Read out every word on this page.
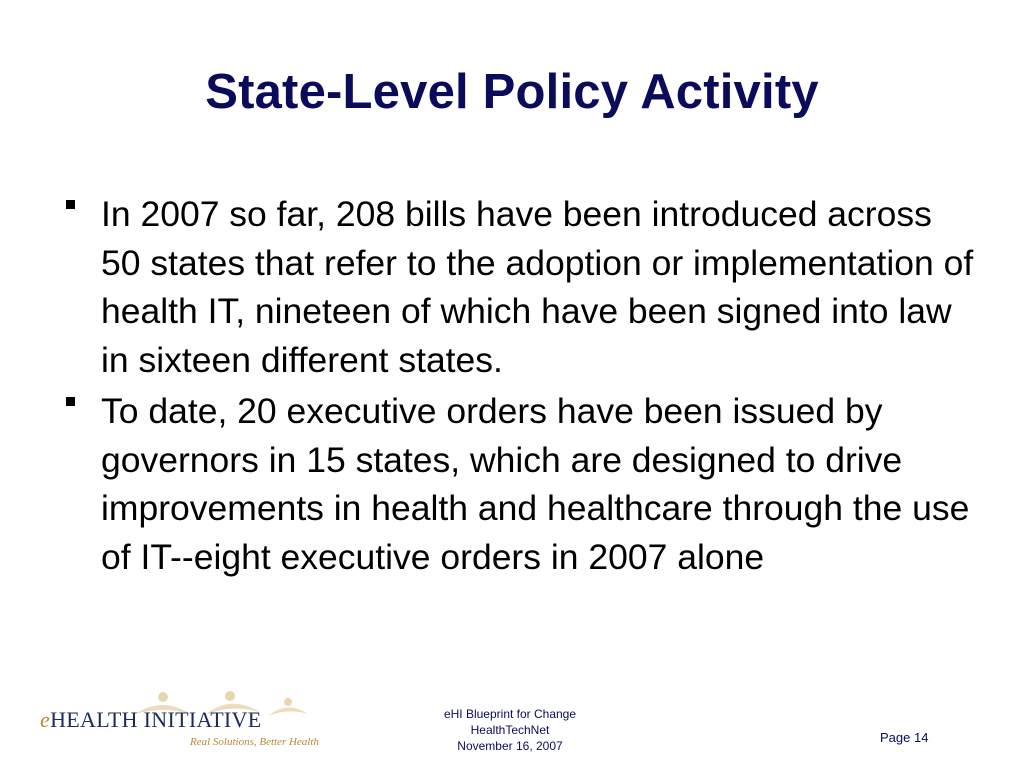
State-Level Policy Activity
In 2007 so far, 208 bills have been introduced across 50 states that refer to the adoption or implementation of health IT, nineteen of which have been signed into law in sixteen different states.
To date, 20 executive orders have been issued by governors in 15 states, which are designed to drive improvements in health and healthcare through the use of IT--eight executive orders in 2007 alone
eHEALTH INITIATIVE
Real Solutions, Better Health
eHI Blueprint for Change
HealthTechNet
November 16, 2007
Page 14
